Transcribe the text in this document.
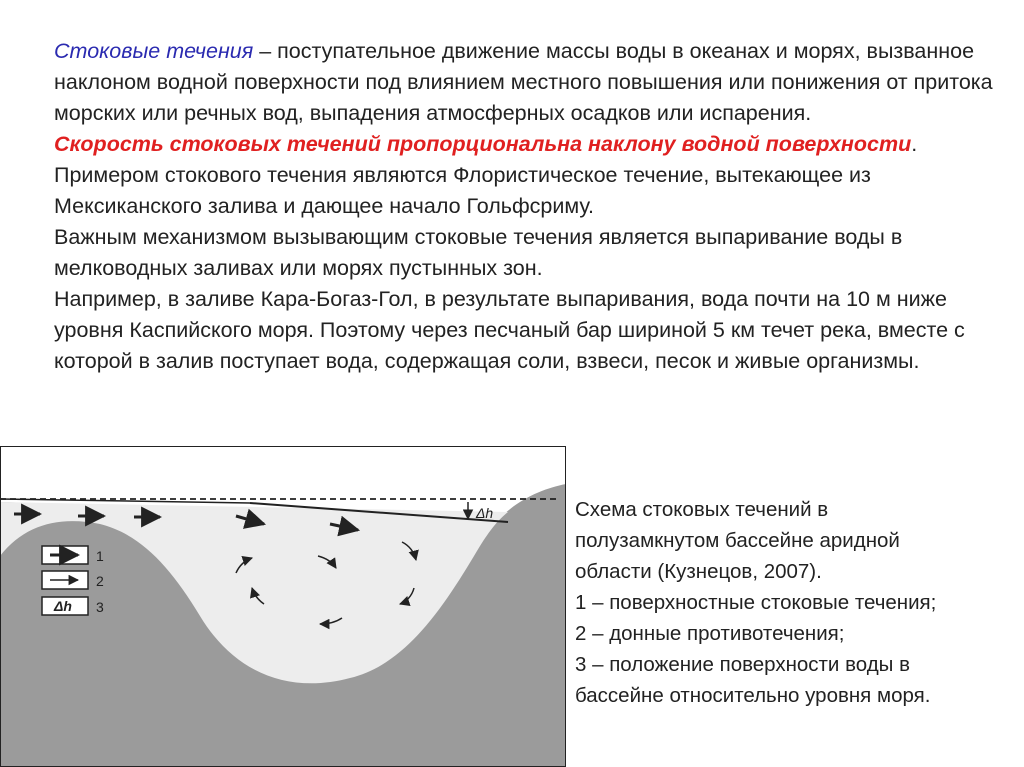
Стоковые течения – поступательное движение массы воды в океанах и морях, вызванное наклоном водной поверхности под влиянием местного повышения или понижения от притока морских или речных вод, выпадения атмосферных осадков или испарения.

Скорость стоковых течений пропорциональна наклону водной поверхности.

Примером стокового течения являются Флористическое течение, вытекающее из Мексиканского залива и дающее начало Гольфсриму.

Важным механизмом вызывающим стоковые течения является выпаривание воды в мелководных заливах или морях пустынных зон.

Например, в заливе Кара-Богаз-Гол, в результате выпаривания, вода почти на 10 м ниже уровня Каспийского моря. Поэтому через песчаный бар шириной 5 км течет река, вместе с которой в залив поступает вода, содержащая соли, взвеси, песок и живые организмы.

Δh
1
2
Δh 3

Схема стоковых течений в

полузамкнутом бассейне аридной

области (Кузнецов, 2007).

1 – поверхностные стоковые течения;

2 – донные противотечения;

3 – положение поверхности воды в

бассейне относительно уровня моря.
